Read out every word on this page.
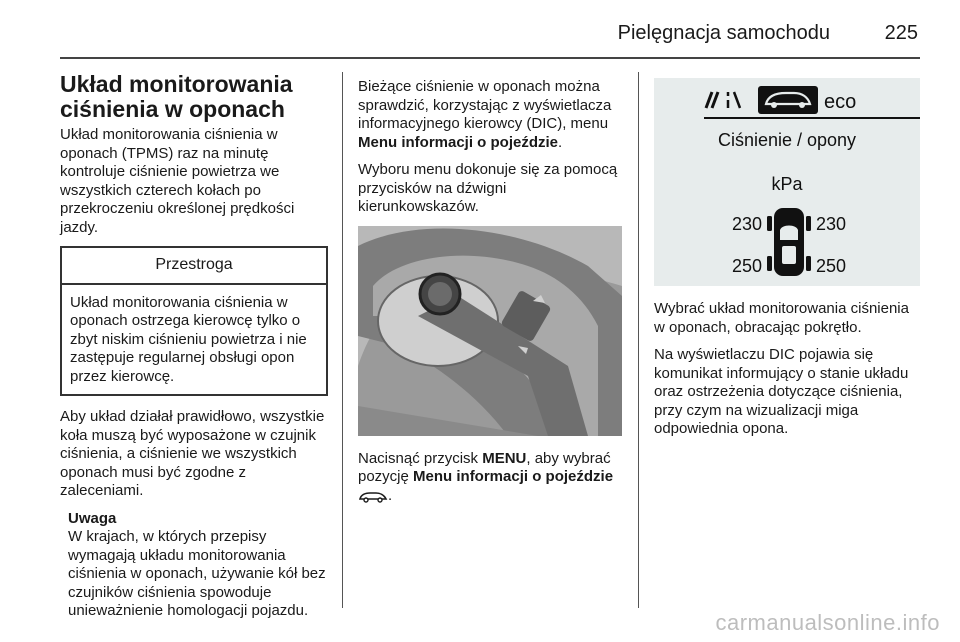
Pielęgnacja samochodu	225
Układ monitorowania ciśnienia w oponach

Układ monitorowania ciśnienia w oponach (TPMS) raz na minutę kontroluje ciśnienie powietrza we wszystkich czterech kołach po przekroczeniu określonej prędkości jazdy.

Przestroga
Układ monitorowania ciśnienia w oponach ostrzega kierowcę tylko o zbyt niskim ciśnieniu powietrza i nie zastępuje regularnej obsługi opon przez kierowcę.

Aby układ działał prawidłowo, wszystkie koła muszą być wyposażone w czujnik ciśnienia, a ciśnienie we wszystkich oponach musi być zgodne z zaleceniami.

Uwaga
W krajach, w których przepisy wymagają układu monitorowania ciśnienia w oponach, używanie kół bez czujników ciśnienia spowoduje unieważnienie homologacji pojazdu.

Bieżące ciśnienie w oponach można sprawdzić, korzystając z wyświetlacza informacyjnego kierowcy (DIC), menu Menu informacji o pojeździe.

Wyboru menu dokonuje się za pomocą przycisków na dźwigni kierunkowskazów.

Nacisnąć przycisk MENU, aby wybrać pozycję Menu informacji o pojeździe .

eco
Ciśnienie / opony
kPa
230	230
250	250

Wybrać układ monitorowania ciśnienia w oponach, obracając pokrętło.

Na wyświetlaczu DIC pojawia się komunikat informujący o stanie układu oraz ostrzeżenia dotyczące ciśnienia, przy czym na wizualizacji miga odpowiednia opona.

carmanualsonline.info
